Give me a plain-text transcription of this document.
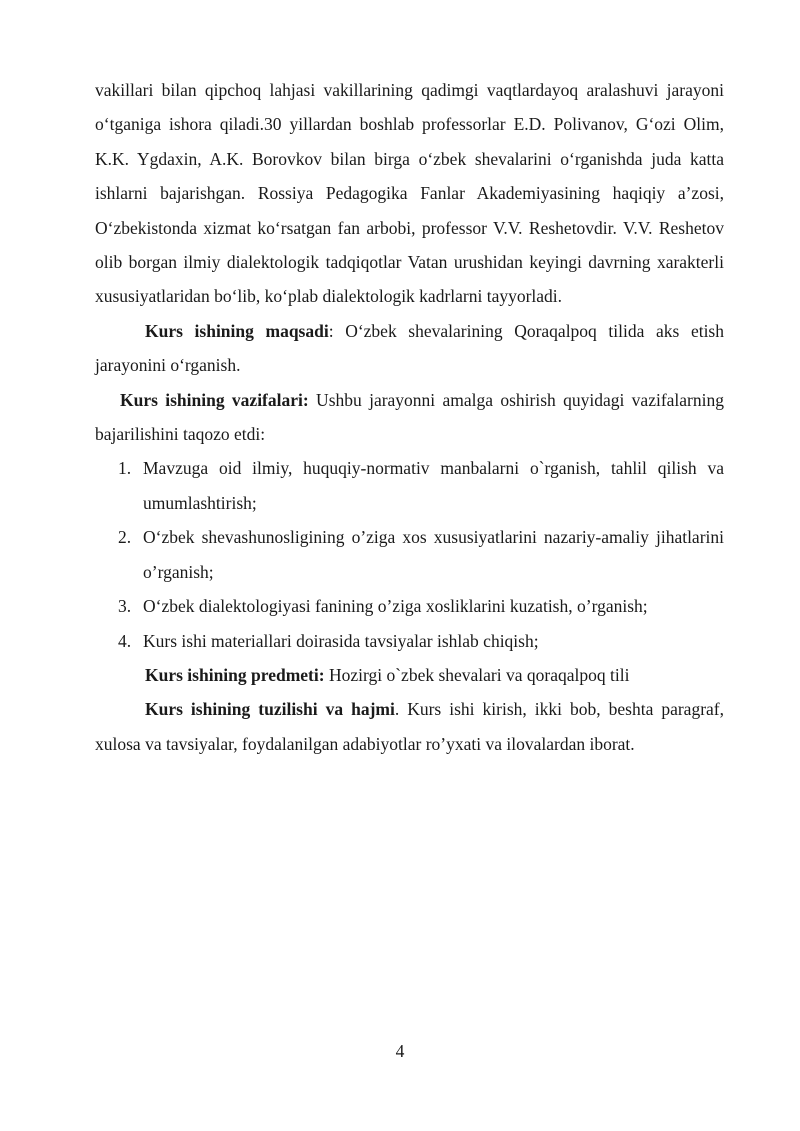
vakillari bilan qipchoq lahjasi vakillarining qadimgi vaqtlardayoq aralashuvi jarayoni o‘tganiga ishora qiladi.30 yillardan boshlab professorlar E.D. Polivanov, G‘ozi Olim, K.K. Ygdaxin, A.K. Borovkov bilan birga o‘zbek shevalarini o‘rganishda juda katta ishlarni bajarishgan. Rossiya Pedagogika Fanlar Akademiyasining haqiqiy a’zosi, O‘zbekistonda xizmat ko‘rsatgan fan arbobi, professor V.V. Reshetovdir. V.V. Reshetov olib borgan ilmiy dialektologik tadqiqotlar Vatan urushidan keyingi davrning xarakterli xususiyatlaridan bo‘lib, ko‘plab dialektologik kadrlarni tayyorladi.

Kurs ishining maqsadi: O‘zbek shevalarining Qoraqalpoq tilida aks etish jarayonini o‘rganish.

Kurs ishining vazifalari: Ushbu jarayonni amalga oshirish quyidagi vazifalarning bajarilishini taqozo etdi:

1. Mavzuga oid ilmiy, huquqiy-normativ manbalarni o`rganish, tahlil qilish va umumlashtirish;
2. O‘zbek shevashunosligining o’ziga xos xususiyatlarini nazariy-amaliy jihatlarini o’rganish;
3. O‘zbek dialektologiyasi fanining o’ziga xosliklarini kuzatish, o’rganish;
4. Kurs ishi materiallari doirasida tavsiyalar ishlab chiqish;

Kurs ishining predmeti: Hozirgi o`zbek shevalari va qoraqalpoq tili

Kurs ishining tuzilishi va hajmi. Kurs ishi kirish, ikki bob, beshta paragraf, xulosa va tavsiyalar, foydalanilgan adabiyotlar ro’yxati va ilovalardan iborat.

4
